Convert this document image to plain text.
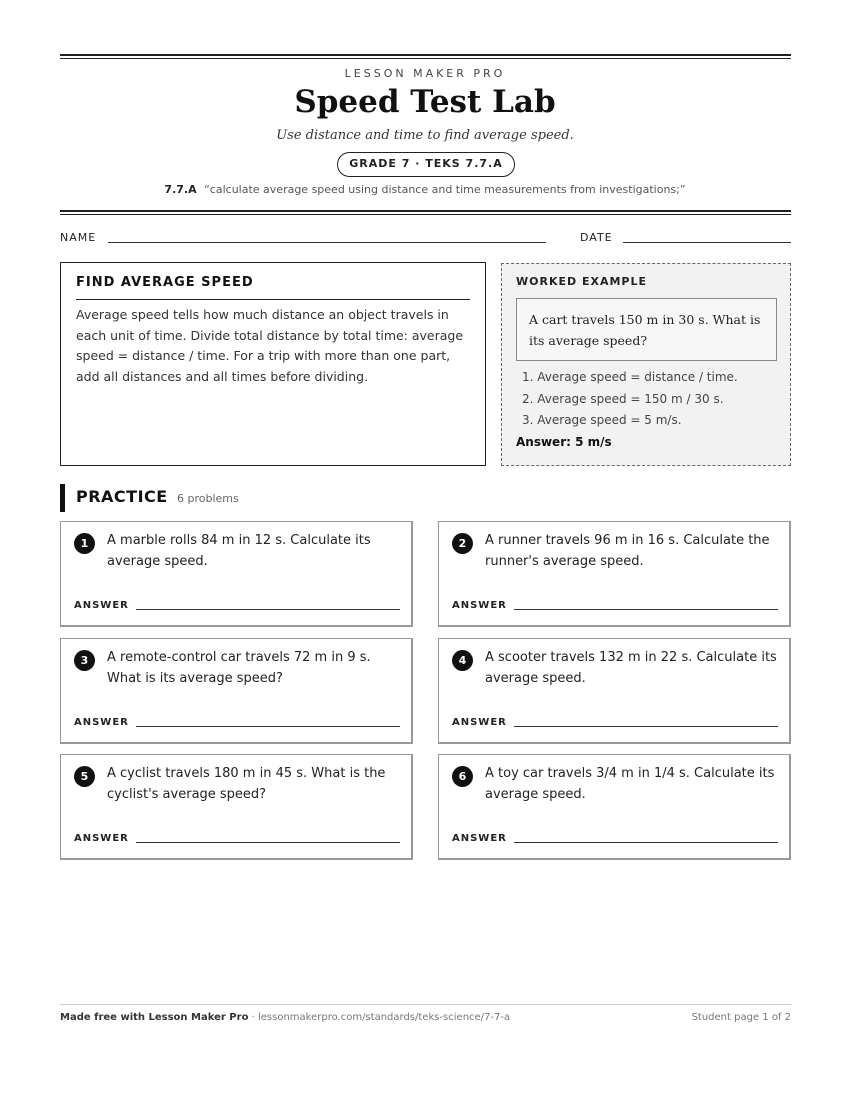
LESSON MAKER PRO
Speed Test Lab
Use distance and time to find average speed.
GRADE 7 · TEKS 7.7.A
7.7.A “calculate average speed using distance and time measurements from investigations;”
NAME	DATE
FIND AVERAGE SPEED

Average speed tells how much distance an object travels in each unit of time. Divide total distance by total time: average speed = distance / time. For a trip with more than one part, add all distances and all times before dividing.

WORKED EXAMPLE
A cart travels 150 m in 30 s. What is its average speed?
1. Average speed = distance / time.
2. Average speed = 150 m / 30 s.
3. Average speed = 5 m/s.
Answer: 5 m/s
PRACTICE 6 problems
1	A marble rolls 84 m in 12 s. Calculate its average speed.
ANSWER
2	A runner travels 96 m in 16 s. Calculate the runner's average speed.
ANSWER
3	A remote-control car travels 72 m in 9 s. What is its average speed?
ANSWER
4	A scooter travels 132 m in 22 s. Calculate its average speed.
ANSWER
5	A cyclist travels 180 m in 45 s. What is the cyclist's average speed?
ANSWER
6	A toy car travels 3/4 m in 1/4 s. Calculate its average speed.
ANSWER
Made free with Lesson Maker Pro · lessonmakerpro.com/standards/teks-science/7-7-a	Student page 1 of 2
